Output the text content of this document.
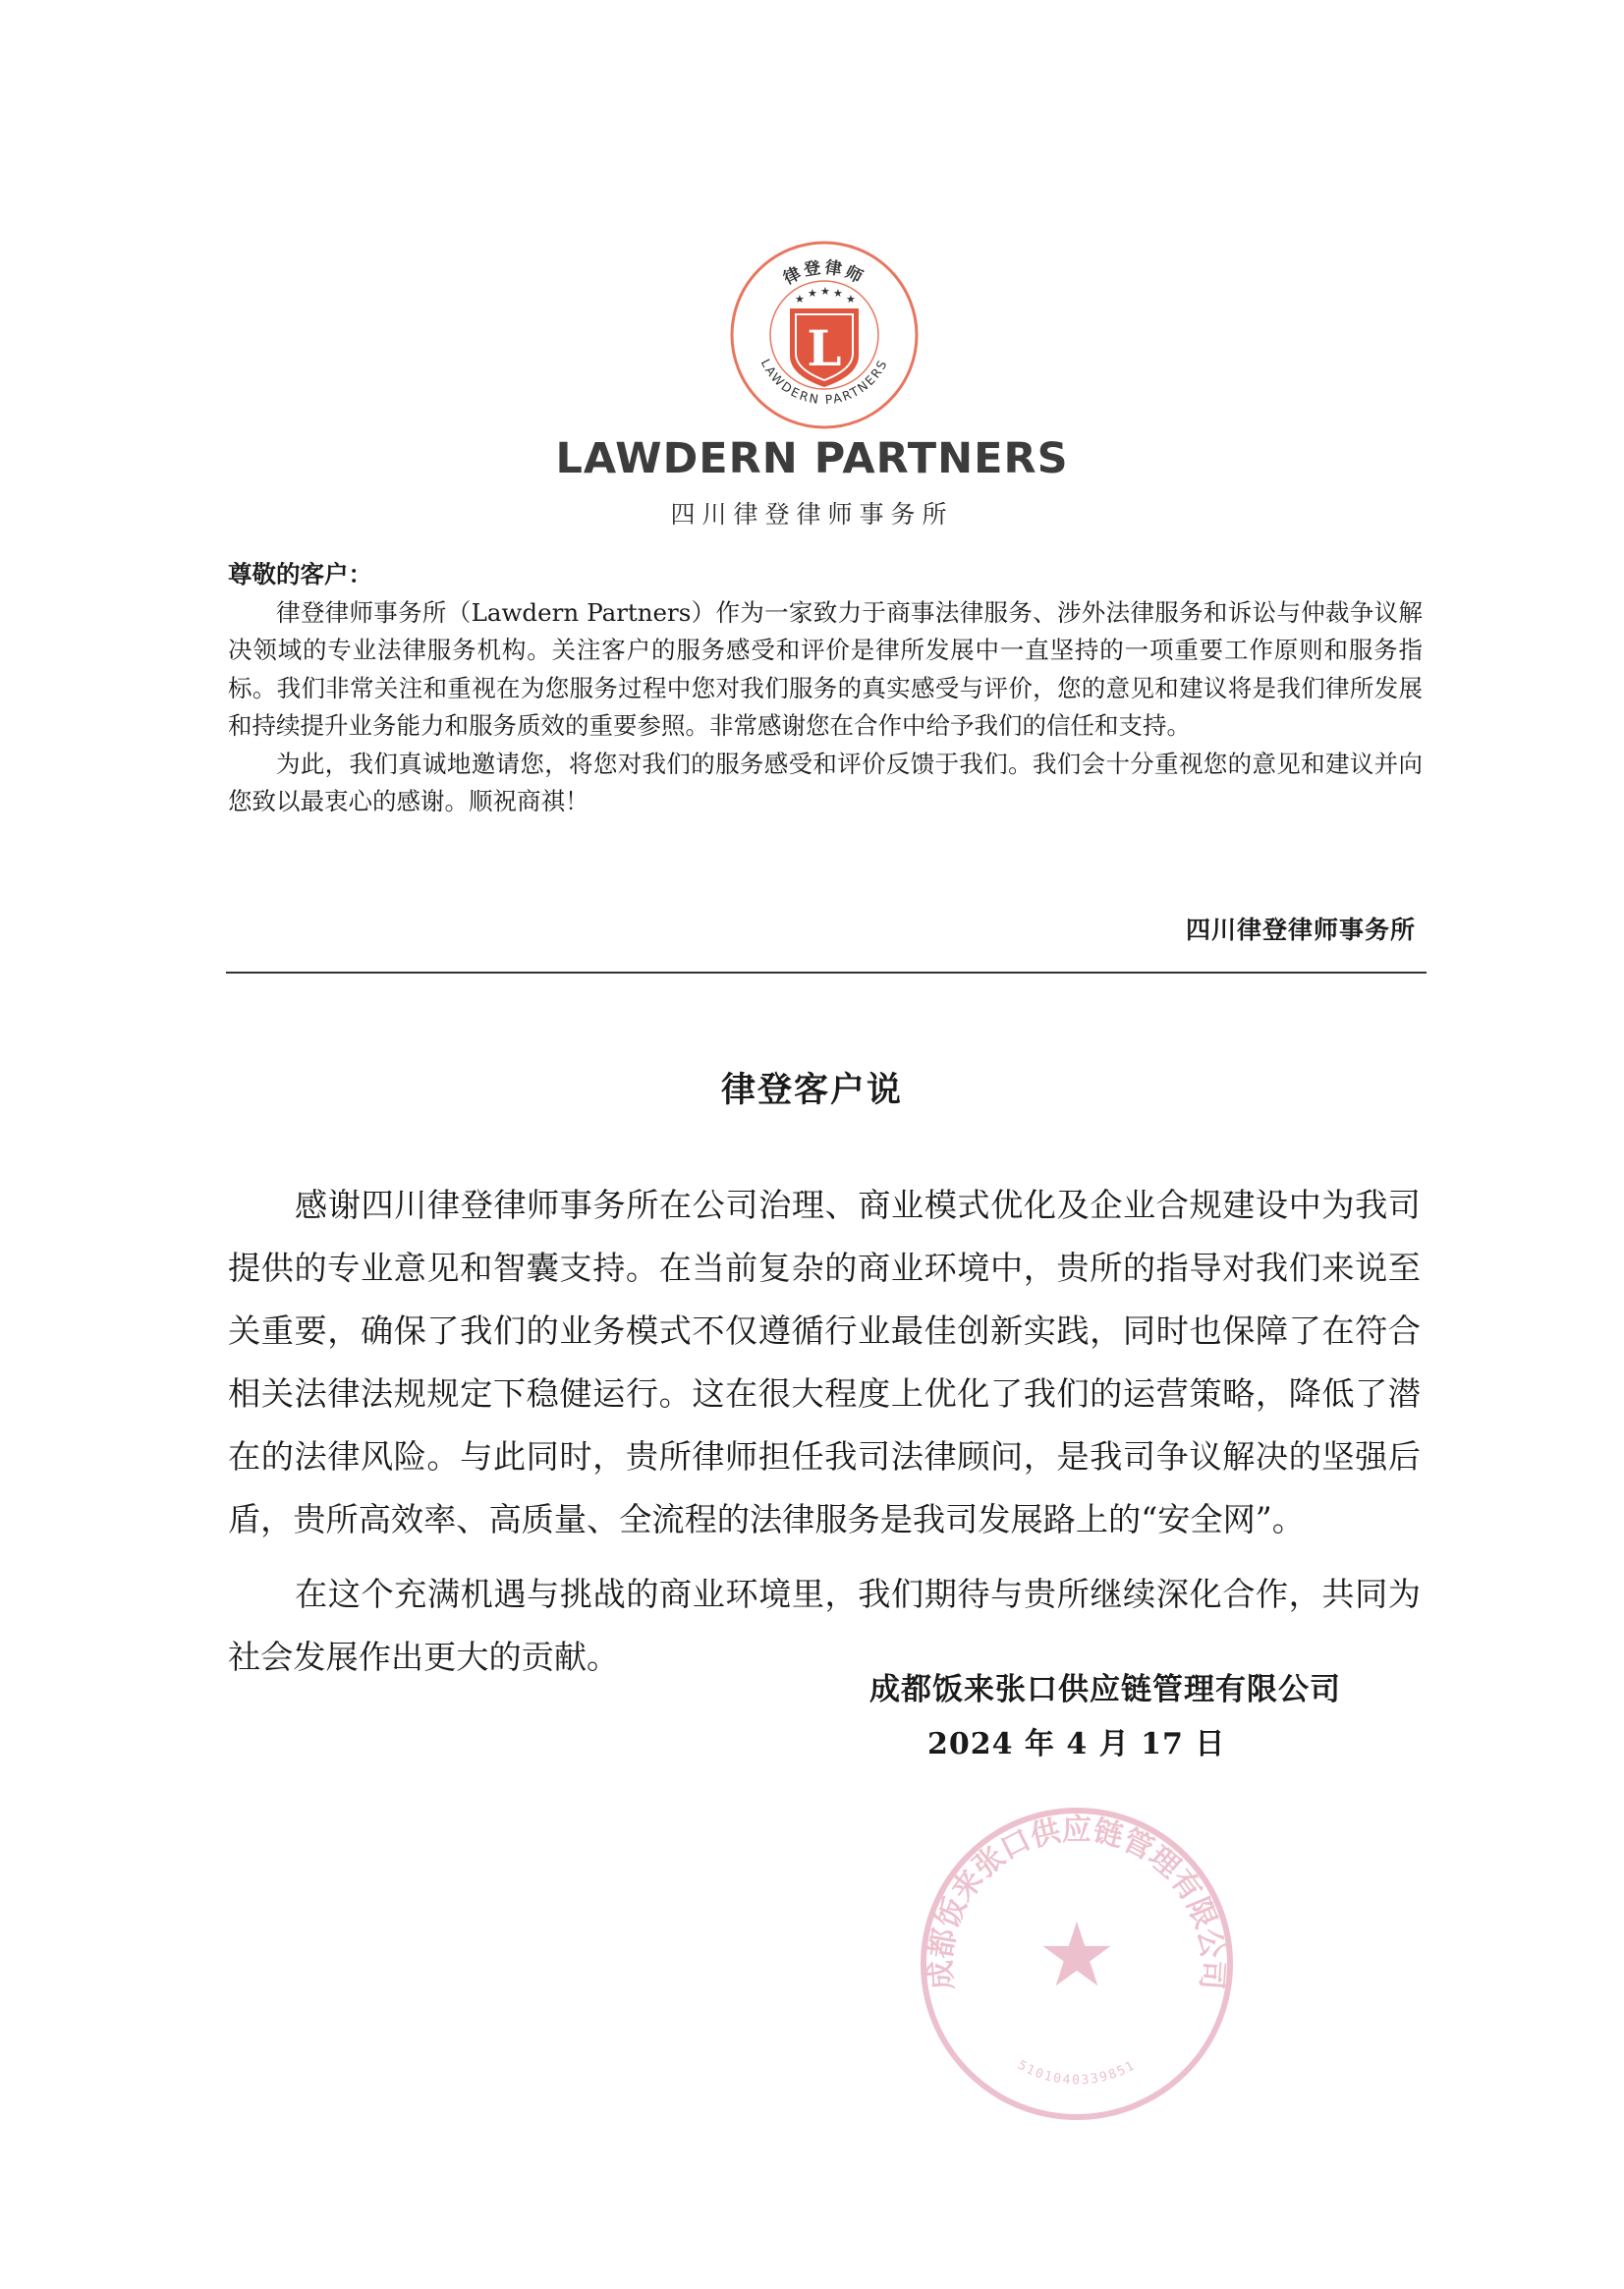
律登律师
LAWDERN PARTNERS
★ ★ ★ ★ ★
L
LAWDERN PARTNERS
四川律登律师事务所
尊敬的客户：

律登律师事务所（Lawdern Partners）作为一家致力于商事法律服务、涉外法律服务和诉讼与仲裁争议解决领域的专业法律服务机构。关注客户的服务感受和评价是律所发展中一直坚持的一项重要工作原则和服务指标。我们非常关注和重视在为您服务过程中您对我们服务的真实感受与评价，您的意见和建议将是我们律所发展和持续提升业务能力和服务质效的重要参照。非常感谢您在合作中给予我们的信任和支持。

为此，我们真诚地邀请您，将您对我们的服务感受和评价反馈于我们。我们会十分重视您的意见和建议并向您致以最衷心的感谢。顺祝商祺！

四川律登律师事务所
律登客户说

感谢四川律登律师事务所在公司治理、商业模式优化及企业合规建设中为我司提供的专业意见和智囊支持。在当前复杂的商业环境中，贵所的指导对我们来说至关重要，确保了我们的业务模式不仅遵循行业最佳创新实践，同时也保障了在符合相关法律法规规定下稳健运行。这在很大程度上优化了我们的运营策略，降低了潜在的法律风险。与此同时，贵所律师担任我司法律顾问，是我司争议解决的坚强后盾，贵所高效率、高质量、全流程的法律服务是我司发展路上的“安全网”。

在这个充满机遇与挑战的商业环境里，我们期待与贵所继续深化合作，共同为社会发展作出更大的贡献。

成都饭来张口供应链管理有限公司
★
5101040339851
成都饭来张口供应链管理有限公司
2024 年 4 月 17 日
